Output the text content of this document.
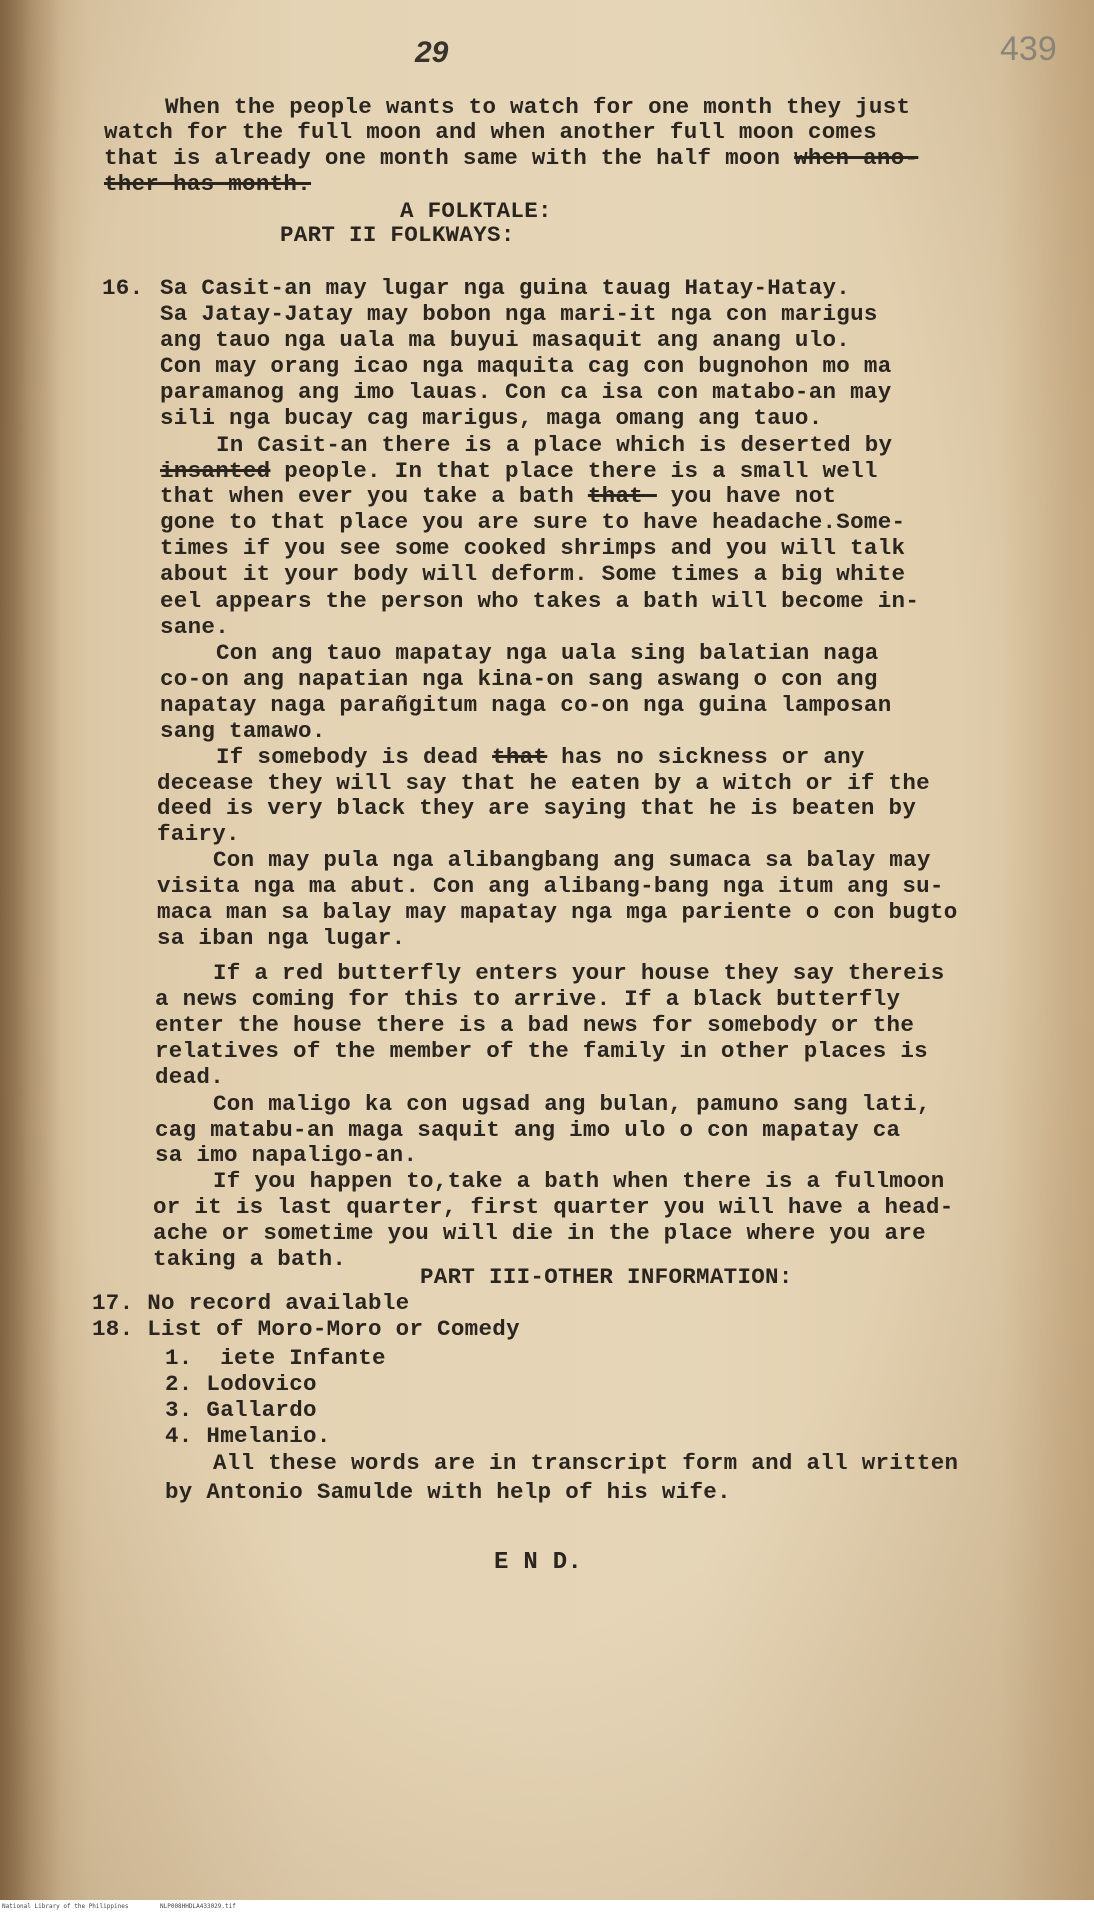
29	439
When the people wants to watch for one month they just
watch for the full moon and when another full moon comes
that is already one month same with the half moon when ano-
ther has month.
A FOLKTALE:
PART II FOLKWAYS:
16. Sa Casit-an may lugar nga guina tauag Hatay-Hatay.
Sa Jatay-Jatay may bobon nga mari-it nga con marigus
ang tauo nga uala ma buyui masaquit ang anang ulo.
Con may orang icao nga maquita cag con bugnohon mo ma
paramanog ang imo lauas. Con ca isa con matabo-an may
sili nga bucay cag marigus, maga omang ang tauo.
In Casit-an there is a place which is deserted by
insanted people. In that place there is a small well
that when ever you take a bath that  you have not
gone to that place you are sure to have headache.Some-
times if you see some cooked shrimps and you will talk
about it your body will deform. Some times a big white
eel appears the person who takes a bath will become in-
sane.
Con ang tauo mapatay nga uala sing balatian naga
co-on ang napatian nga kina-on sang aswang o con ang
napatay naga parañgitum naga co-on nga guina lamposan
sang tamawo.
If somebody is dead that has no sickness or any
decease they will say that he eaten by a witch or if the
deed is very black they are saying that he is beaten by
fairy.
Con may pula nga alibangbang ang sumaca sa balay may
visita nga ma abut. Con ang alibang-bang nga itum ang su-
maca man sa balay may mapatay nga mga pariente o con bugto
sa iban nga lugar.
If a red butterfly enters your house they say thereis
a news coming for this to arrive. If a black butterfly
enter the house there is a bad news for somebody or the
relatives of the member of the family in other places is
dead.
Con maligo ka con ugsad ang bulan, pamuno sang lati,
cag matabu-an maga saquit ang imo ulo o con mapatay ca
sa imo napaligo-an.
If you happen to,take a bath when there is a fullmoon
or it is last quarter, first quarter you will have a head-
ache or sometime you will die in the place where you are
taking a bath.
PART III-OTHER INFORMATION:
17. No record available
18. List of Moro-Moro or Comedy
1.  iete Infante
2. Lodovico
3. Gallardo
4. Hmelanio.
All these words are in transcript form and all written
by Antonio Samulde with help of his wife.
E N D.
National Library of the Philippines	NLP008HHDLA433029.tif
